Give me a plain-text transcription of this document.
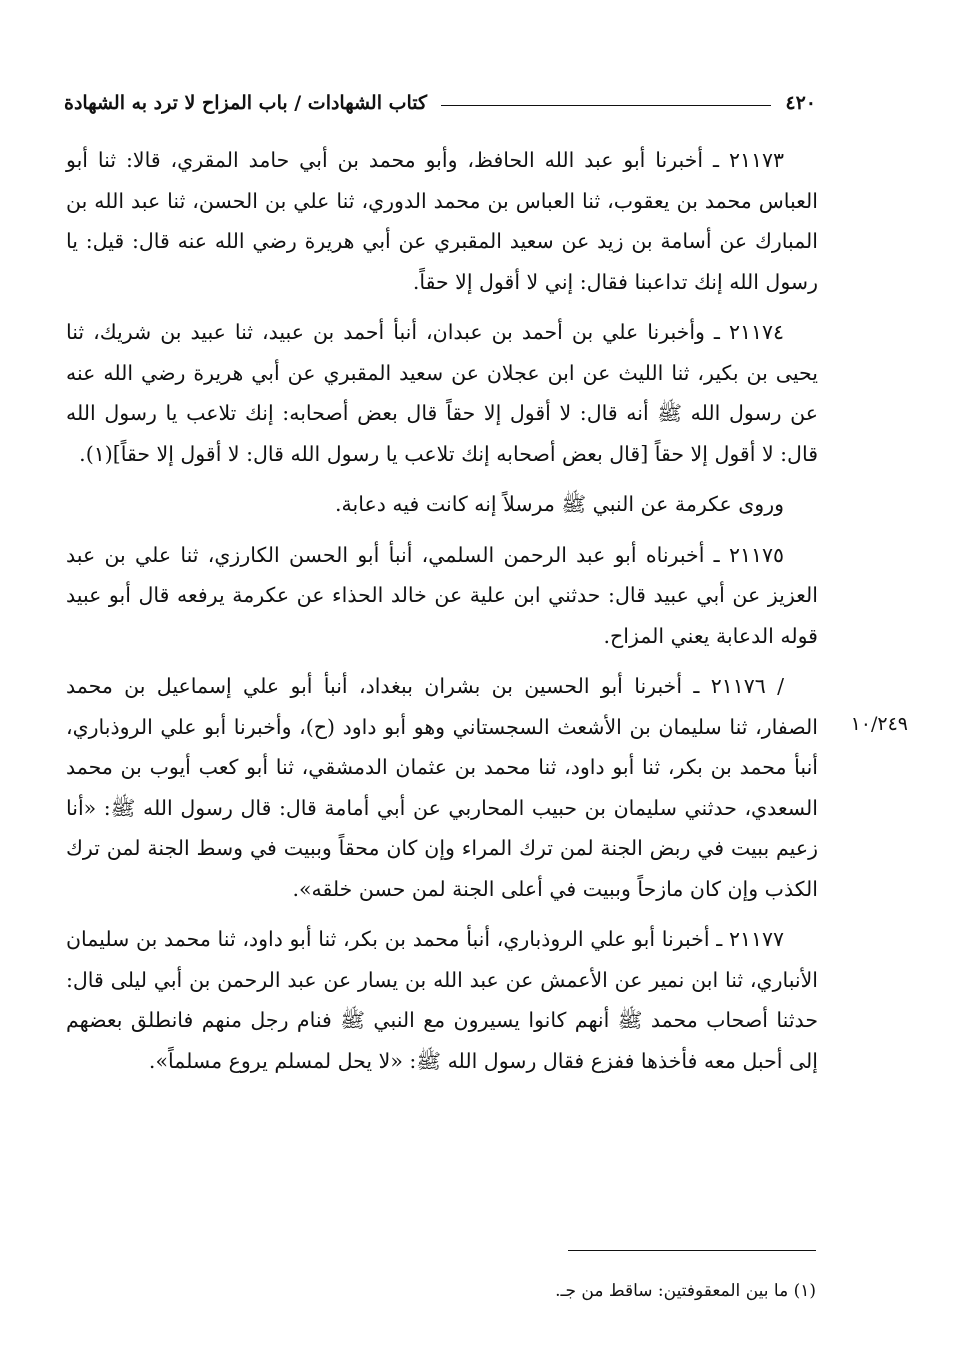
٤٢٠
كتاب الشهادات / باب المزاح لا ترد به الشهادة
١٠/٢٤٩

٢١١٧٣ ـ أخبرنا أبو عبد الله الحافظ، وأبو محمد بن أبي حامد المقري، قالا: ثنا أبو العباس محمد بن يعقوب، ثنا العباس بن محمد الدوري، ثنا علي بن الحسن، ثنا عبد الله بن المبارك عن أسامة بن زيد عن سعيد المقبري عن أبي هريرة رضي الله عنه قال: قيل: يا رسول الله إنك تداعبنا فقال: إني لا أقول إلا حقاً.

٢١١٧٤ ـ وأخبرنا علي بن أحمد بن عبدان، أنبأ أحمد بن عبيد، ثنا عبيد بن شريك، ثنا يحيى بن بكير، ثنا الليث عن ابن عجلان عن سعيد المقبري عن أبي هريرة رضي الله عنه عن رسول الله ﷺ أنه قال: لا أقول إلا حقاً قال بعض أصحابه: إنك تلاعب يا رسول الله قال: لا أقول إلا حقاً [قال بعض أصحابه إنك تلاعب يا رسول الله قال: لا أقول إلا حقاً](١).

وروى عكرمة عن النبي ﷺ مرسلاً إنه كانت فيه دعابة.

٢١١٧٥ ـ أخبرناه أبو عبد الرحمن السلمي، أنبأ أبو الحسن الكارزي، ثنا علي بن عبد العزيز عن أبي عبيد قال: حدثني ابن علية عن خالد الحذاء عن عكرمة يرفعه قال أبو عبيد قوله الدعابة يعني المزاح.

/ ٢١١٧٦ ـ أخبرنا أبو الحسين بن بشران ببغداد، أنبأ أبو علي إسماعيل بن محمد الصفار، ثنا سليمان بن الأشعث السجستاني وهو أبو داود (ح)، وأخبرنا أبو علي الروذباري، أنبأ محمد بن بكر، ثنا أبو داود، ثنا محمد بن عثمان الدمشقي، ثنا أبو كعب أيوب بن محمد السعدي، حدثني سليمان بن حبيب المحاربي عن أبي أمامة قال: قال رسول الله ﷺ: «أنا زعيم ببيت في ربض الجنة لمن ترك المراء وإن كان محقاً وببيت في وسط الجنة لمن ترك الكذب وإن كان مازحاً وببيت في أعلى الجنة لمن حسن خلقه».

٢١١٧٧ ـ أخبرنا أبو علي الروذباري، أنبأ محمد بن بكر، ثنا أبو داود، ثنا محمد بن سليمان الأنباري، ثنا ابن نمير عن الأعمش عن عبد الله بن يسار عن عبد الرحمن بن أبي ليلى قال: حدثنا أصحاب محمد ﷺ أنهم كانوا يسيرون مع النبي ﷺ فنام رجل منهم فانطلق بعضهم إلى أحبل معه فأخذها ففزع فقال رسول الله ﷺ: «لا يحل لمسلم يروع مسلماً».

(١) ما بين المعقوفتين: ساقط من جـ.
